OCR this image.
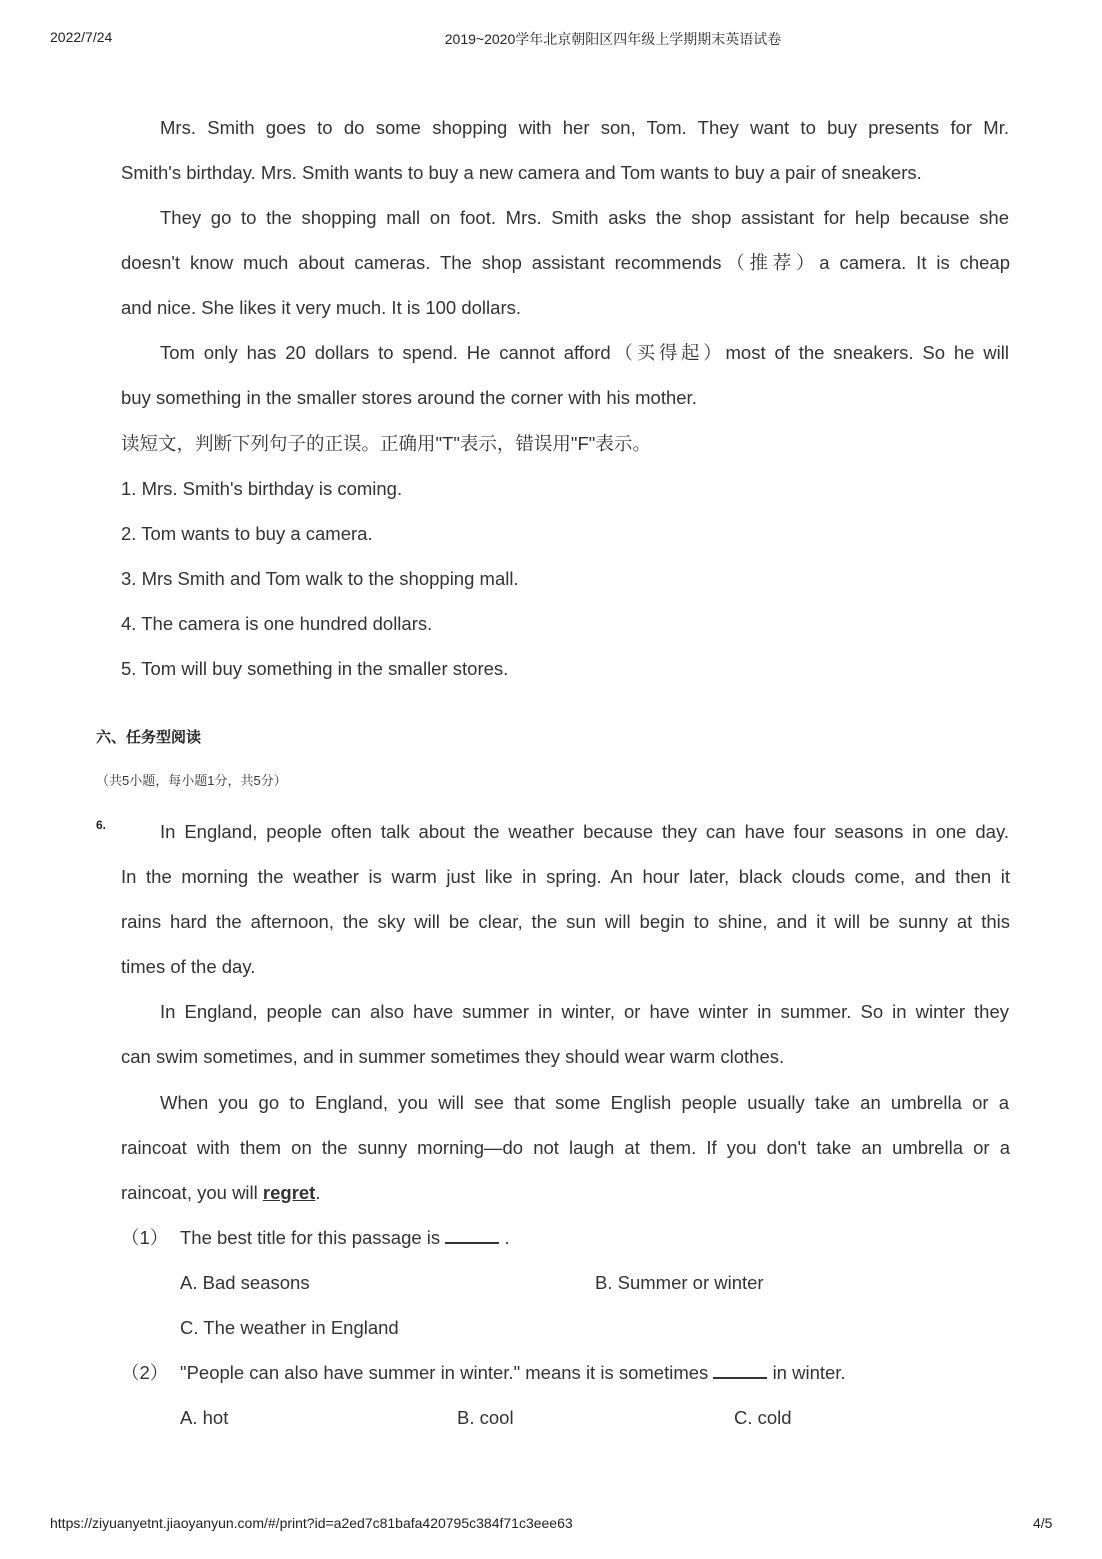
2022/7/24	2019~2020学年北京朝阳区四年级上学期期末英语试卷
Mrs. Smith goes to do some shopping with her son, Tom. They want to buy presents for Mr.
Smith's birthday. Mrs. Smith wants to buy a new camera and Tom wants to buy a pair of sneakers.
They go to the shopping mall on foot. Mrs. Smith asks the shop assistant for help because she
doesn't know much about cameras. The shop assistant recommends（推荐）a camera. It is cheap
and nice. She likes it very much. It is 100 dollars.
Tom only has 20 dollars to spend. He cannot afford（买得起）most of the sneakers. So he will
buy something in the smaller stores around the corner with his mother.
读短文，判断下列句子的正误。正确用"T"表示，错误用"F"表示。
1. Mrs. Smith's birthday is coming.
2. Tom wants to buy a camera.
3. Mrs Smith and Tom walk to the shopping mall.
4. The camera is one hundred dollars.
5. Tom will buy something in the smaller stores.
六、任务型阅读
（共5小题，每小题1分，共5分）
6.	In England, people often talk about the weather because they can have four seasons in one day.
In the morning the weather is warm just like in spring. An hour later, black clouds come, and then it
rains hard the afternoon, the sky will be clear, the sun will begin to shine, and it will be sunny at this
times of the day.
In England, people can also have summer in winter, or have winter in summer. So in winter they
can swim sometimes, and in summer sometimes they should wear warm clothes.
When you go to England, you will see that some English people usually take an umbrella or a
raincoat with them on the sunny morning—do not laugh at them. If you don't take an umbrella or a
raincoat, you will regret.
（1） The best title for this passage is	.
A. Bad seasons	B. Summer or winter
C. The weather in England
（2） "People can also have summer in winter." means it is sometimes	in winter.
A. hot	B. cool	C. cold
https://ziyuanyetnt.jiaoyanyun.com/#/print?id=a2ed7c81bafa420795c384f71c3eee63	4/5
